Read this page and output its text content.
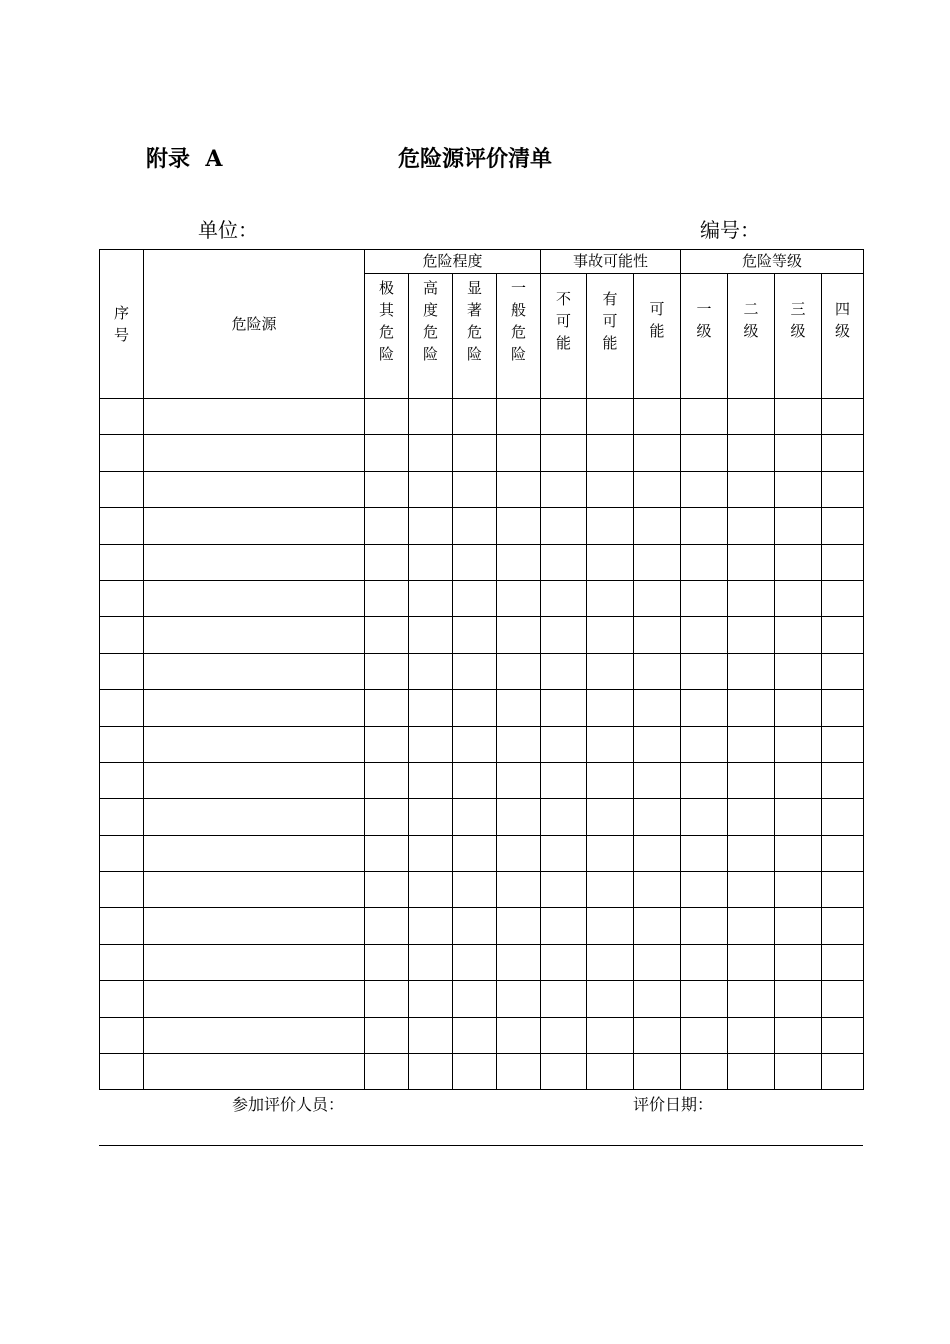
附录  A	危险源评价清单
单位：	编号：
序号	危险源	危险程度				事故可能性			危险等级			
		极其危险	高度危险	显著危险	一般危险	不可能	有可能	可能	一级	二级	三级	四级

参加评价人员：	评价日期：
